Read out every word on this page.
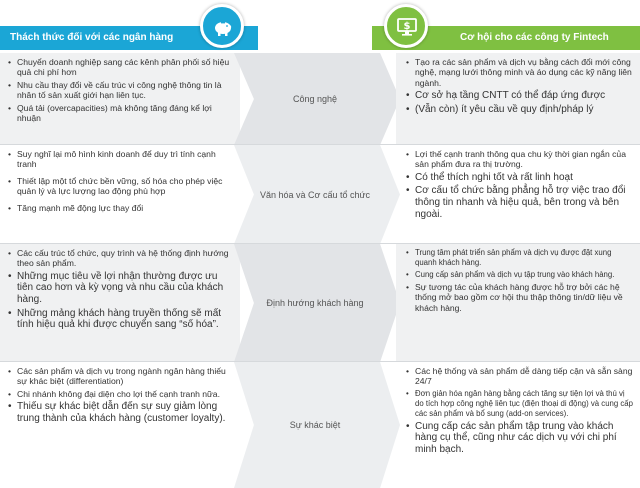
Thách thức đối với các ngân hàng	Cơ hội cho các công ty Fintech
$
• Chuyển doanh nghiệp sang các kênh phân phối số hiệu quả chi phí hơn
• Nhu cầu thay đổi về cấu trúc vi công nghệ thông tin là nhân tố sản xuất giới hạn liên tục.
• Quá tải (overcapacities) mà không tăng đáng kể lợi nhuận
Công nghệ
• Tạo ra các sản phẩm và dịch vụ bằng cách đổi mới công nghệ, mạng lưới thông minh và áo dụng các kỹ năng liên ngành.
• Cơ sở hạ tầng CNTT có thể đáp ứng được
• (Vẫn còn) ít yêu cầu về quy định/pháp lý
• Suy nghĩ lại mô hình kinh doanh để duy trì tính cạnh tranh
• Thiết lập một tổ chức bền vững, số hóa cho phép việc quản lý và lực lượng lao động phù hợp
• Tăng mạnh mẽ động lực thay đổi
Văn hóa và Cơ cấu tổ chức
• Lợi thế cạnh tranh thông qua chu kỳ thời gian ngắn của sản phẩm đưa ra thị trường.
• Có thể thích nghi tốt và rất linh hoạt
• Cơ cấu tổ chức bằng phẳng hỗ trợ việc trao đổi thông tin nhanh và hiệu quả, bên trong và bên ngoài.
• Các cấu trúc tổ chức, quy trình và hệ thống định hướng theo sản phẩm.
• Những mục tiêu về lợi nhận thường được ưu tiên cao hơn và kỳ vọng và nhu cầu của khách hàng.
• Những mảng khách hàng truyền thống sẽ mất tính hiệu quả khi được chuyển sang “số hóa”.
Định hướng khách hàng
• Trung tâm phát triển sản phẩm và dịch vụ được đặt xung quanh khách hàng.
• Cung cấp sản phẩm và dịch vụ tập trung vào khách hàng.
• Sự tương tác của khách hàng được hỗ trợ bởi các hệ thống mở bao gồm cơ hội thu thập thông tin/dữ liệu về khách hàng.
• Các sản phẩm và dịch vụ trong ngành ngân hàng thiếu sự khác biệt (differentiation)
• Chi nhánh không đại diện cho lợi thế cạnh tranh nữa.
• Thiếu sự khác biệt dẫn đến sự suy giảm lòng trung thành của khách hàng (customer loyalty).
Sự khác biệt
• Các hệ thống và sản phẩm dễ dàng tiếp cận và sẵn sàng 24/7
• Đơn giản hóa ngân hàng bằng cách tăng sự tiện lợi và thú vị do tích hợp công nghệ liên tục (điện thoại di động) và cung cấp các sản phẩm và bổ sung (add-on services).
• Cung cấp các sản phẩm tập trung vào khách hàng cụ thể, cũng như các dịch vụ với chi phí minh bạch.
